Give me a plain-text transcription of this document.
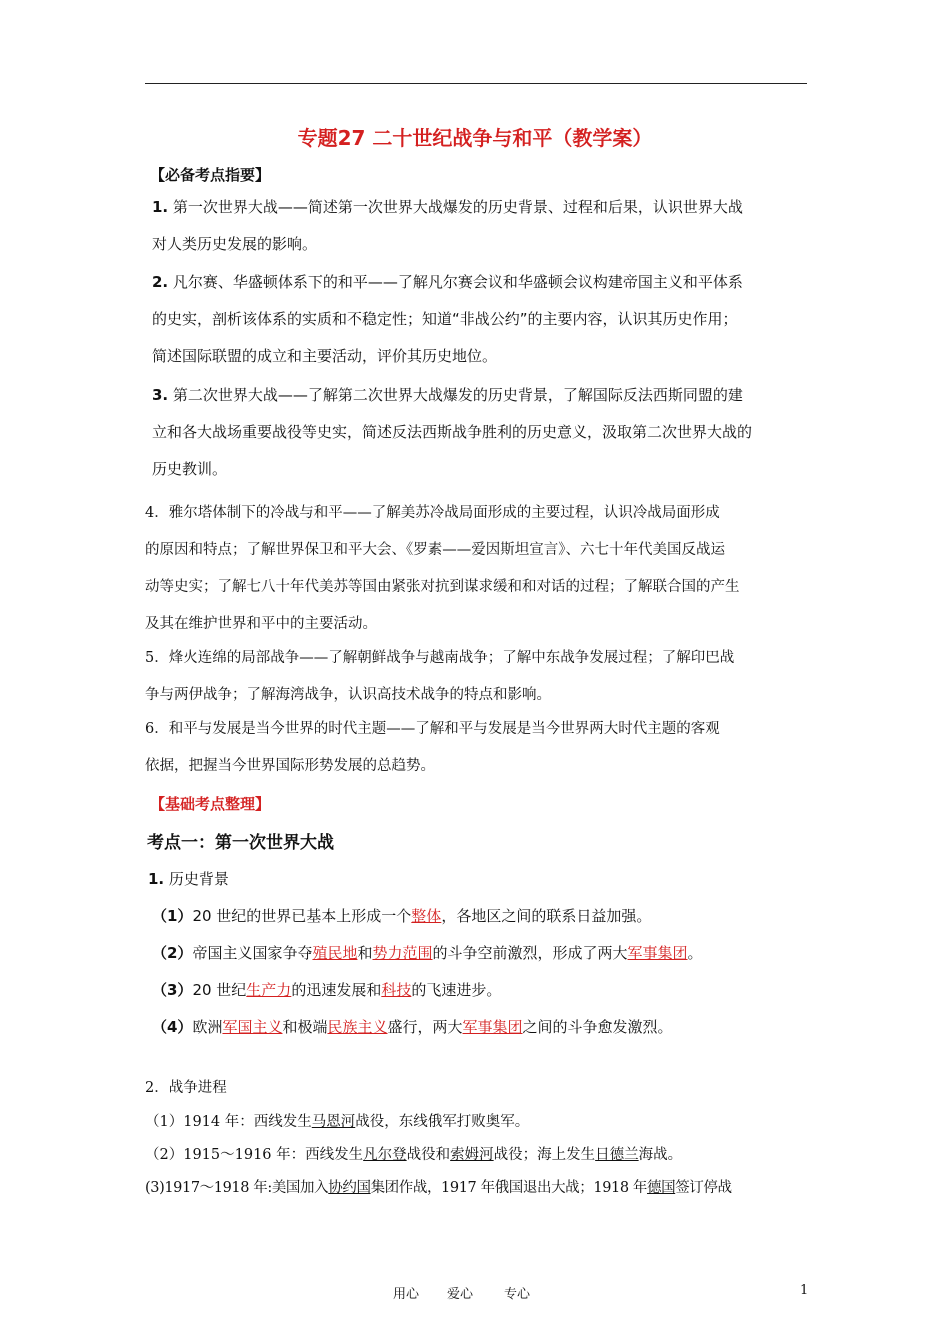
专题27 二十世纪战争与和平（教学案）
【必备考点指要】
1. 第一次世界大战——简述第一次世界大战爆发的历史背景、过程和后果，认识世界大战
对人类历史发展的影响。
2. 凡尔赛、华盛顿体系下的和平——了解凡尔赛会议和华盛顿会议构建帝国主义和平体系
的史实，剖析该体系的实质和不稳定性；知道“非战公约”的主要内容，认识其历史作用；
简述国际联盟的成立和主要活动，评价其历史地位。
3. 第二次世界大战——了解第二次世界大战爆发的历史背景，了解国际反法西斯同盟的建
立和各大战场重要战役等史实，简述反法西斯战争胜利的历史意义，汲取第二次世界大战的
历史教训。
4．雅尔塔体制下的冷战与和平——了解美苏冷战局面形成的主要过程，认识冷战局面形成
的原因和特点；了解世界保卫和平大会、《罗素——爱因斯坦宣言》、六七十年代美国反战运
动等史实；了解七八十年代美苏等国由紧张对抗到谋求缓和和对话的过程；了解联合国的产生
及其在维护世界和平中的主要活动。
5．烽火连绵的局部战争——了解朝鲜战争与越南战争；了解中东战争发展过程；了解印巴战
争与两伊战争；了解海湾战争，认识高技术战争的特点和影响。
6．和平与发展是当今世界的时代主题——了解和平与发展是当今世界两大时代主题的客观
依据，把握当今世界国际形势发展的总趋势。
【基础考点整理】
考点一：第一次世界大战
1. 历史背景
（1）20 世纪的世界已基本上形成一个整体，各地区之间的联系日益加强。
（2）帝国主义国家争夺殖民地和势力范围的斗争空前激烈，形成了两大军事集团。
（3）20 世纪生产力的迅速发展和科技的飞速进步。
（4）欧洲军国主义和极端民族主义盛行，两大军事集团之间的斗争愈发激烈。
2．战争进程
（1）1914 年：西线发生马恩河战役，东线俄军打败奥军。
（2）1915～1916 年：西线发生凡尔登战役和索姆河战役；海上发生日德兰海战。
(3)1917～1918 年:美国加入协约国集团作战，1917 年俄国退出大战；1918 年德国签订停战
用心 爱心 专心	1
